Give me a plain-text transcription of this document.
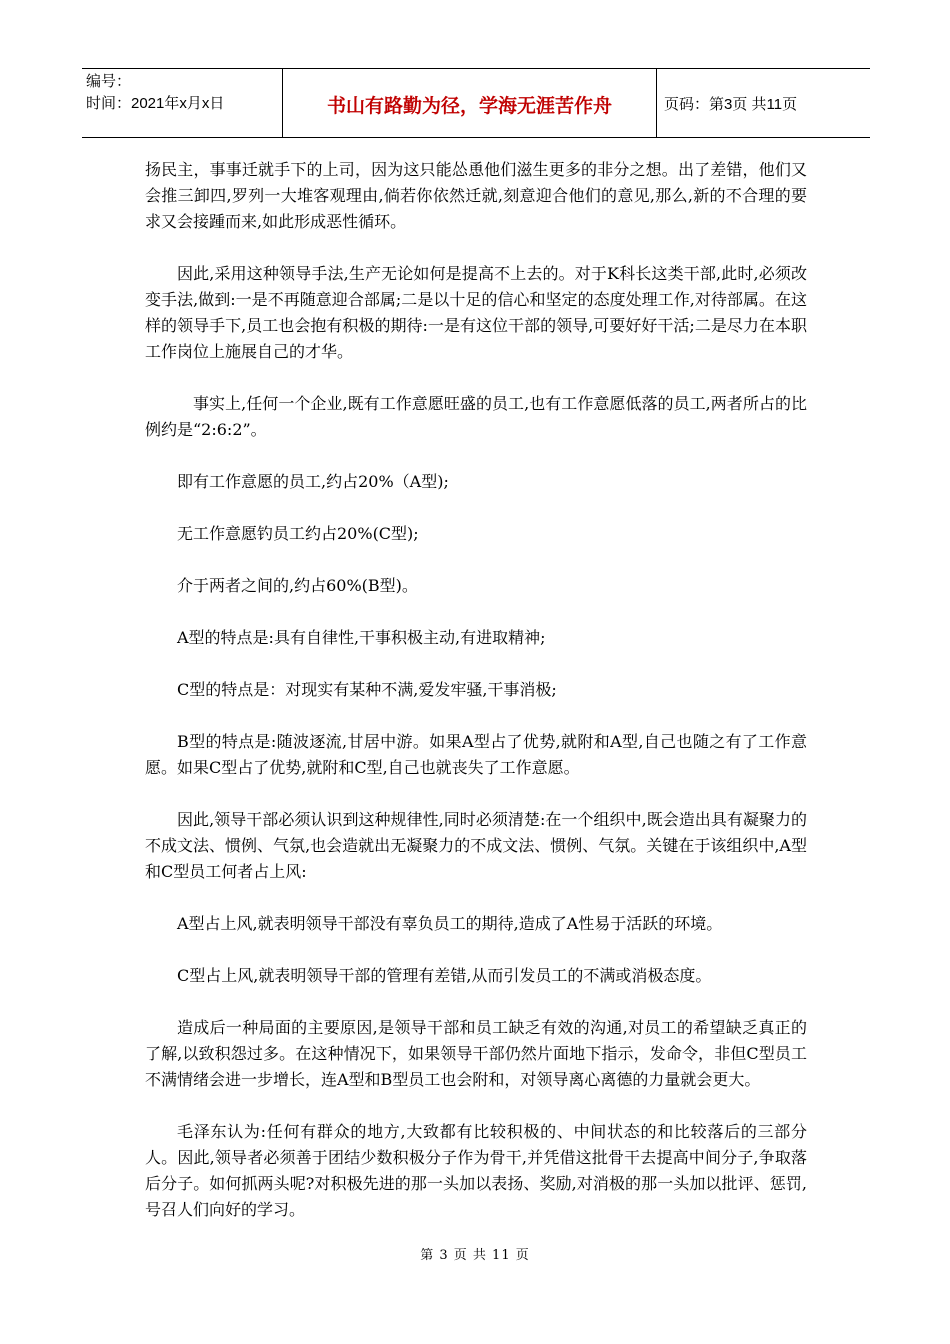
编号：
时间：2021年x月x日	书山有路勤为径，学海无涯苦作舟	页码：第3页 共11页

扬民主，事事迁就手下的上司，因为这只能怂恿他们滋生更多的非分之想。出了差错，他们又会推三卸四,罗列一大堆客观理由,倘若你依然迁就,刻意迎合他们的意见,那么,新的不合理的要求又会接踵而来,如此形成恶性循环。

因此,采用这种领导手法,生产无论如何是提高不上去的。对于K科长这类干部,此时,必须改变手法,做到:一是不再随意迎合部属;二是以十足的信心和坚定的态度处理工作,对待部属。在这样的领导手下,员工也会抱有积极的期待:一是有这位干部的领导,可要好好干活;二是尽力在本职工作岗位上施展自己的才华。

事实上,任何一个企业,既有工作意愿旺盛的员工,也有工作意愿低落的员工,两者所占的比例约是“2:6:2”。

即有工作意愿的员工,约占20%（A型);

无工作意愿钓员工约占20%(C型);

介于两者之间的,约占60%(B型)。

A型的特点是:具有自律性,干事积极主动,有进取精神;

C型的特点是：对现实有某种不满,爱发牢骚,干事消极;

B型的特点是:随波逐流,甘居中游。如果A型占了优势,就附和A型,自己也随之有了工作意愿。如果C型占了优势,就附和C型,自己也就丧失了工作意愿。

因此,领导干部必须认识到这种规律性,同时必须清楚:在一个组织中,既会造出具有凝聚力的不成文法、惯例、气氛,也会造就出无凝聚力的不成文法、惯例、气氛。关键在于该组织中,A型和C型员工何者占上风:

A型占上风,就表明领导干部没有辜负员工的期待,造成了A性易于活跃的环境。

C型占上风,就表明领导干部的管理有差错,从而引发员工的不满或消极态度。

造成后一种局面的主要原因,是领导干部和员工缺乏有效的沟通,对员工的希望缺乏真正的了解,以致积怨过多。在这种情况下，如果领导干部仍然片面地下指示，发命令，非但C型员工不满情绪会进一步增长，连A型和B型员工也会附和，对领导离心离德的力量就会更大。

毛泽东认为:任何有群众的地方,大致都有比较积极的、中间状态的和比较落后的三部分人。因此,领导者必须善于团结少数积极分子作为骨干,并凭借这批骨干去提高中间分子,争取落后分子。如何抓两头呢?对积极先进的那一头加以表扬、奖励,对消极的那一头加以批评、惩罚,号召人们向好的学习。

第 3 页 共 11 页
